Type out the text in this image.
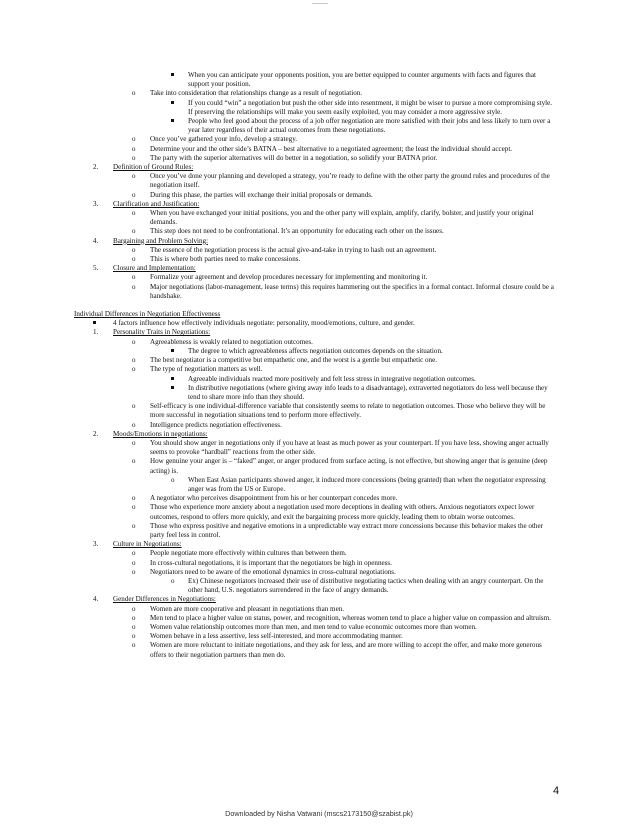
When you can anticipate your opponents position, you are better equipped to counter arguments with facts and figures that support your position.
o Take into consideration that relationships change as a result of negotiation.
If you could “win” a negotiation but push the other side into resentment, it might be wiser to pursue a more compromising style. If preserving the relationships will make you seem easily exploited, you may consider a more aggressive style.
People who feel good about the process of a job offer negotiation are more satisfied with their jobs and less likely to turn over a year later regardless of their actual outcomes from these negotiations.
o Once you’ve gathered your info, develop a strategy.
o Determine your and the other side’s BATNA – best alternative to a negotiated agreement; the least the individual should accept.
o The party with the superior alternatives will do better in a negotiation, so solidify your BATNA prior.
2. Definition of Ground Rules:
o Once you’ve done your planning and developed a strategy, you’re ready to define with the other party the ground rules and procedures of the negotiation itself.
o During this phase, the parties will exchange their initial proposals or demands.
3. Clarification and Justification:
o When you have exchanged your initial positions, you and the other party will explain, amplify, clarify, bolster, and justify your original demands.
o This step does not need to be confrontational. It’s an opportunity for educating each other on the issues.
4. Bargaining and Problem Solving:
o The essence of the negotiation process is the actual give-and-take in trying to hash out an agreement.
o This is where both parties need to make concessions.
5. Closure and Implementation:
o Formalize your agreement and develop procedures necessary for implementing and monitoring it.
o Major negotiations (labor-management, lease terms) this requires hammering out the specifics in a formal contact. Informal closure could be a handshake.
Individual Differences in Negotiation Effectiveness
4 factors influence how effectively individuals negotiate: personality, mood/emotions, culture, and gender.
1. Personality Traits in Negotiations:
o Agreeableness is weakly related to negotiation outcomes.
The degree to which agreeableness affects negotiation outcomes depends on the situation.
o The best negotiator is a competitive but empathetic one, and the worst is a gentle but empathetic one.
o The type of negotiation matters as well.
Agreeable individuals reacted more positively and felt less stress in integrative negotiation outcomes.
In distributive negotiations (where giving away info leads to a disadvantage), extraverted negotiators do less well because they tend to share more info than they should.
o Self-efficacy is one individual-difference variable that consistently seems to relate to negotiation outcomes. Those who believe they will be more successful in negotiation situations tend to perform more effectively.
o Intelligence predicts negotiation effectiveness.
2. Moods/Emotions in negotiations:
o You should show anger in negotiations only if you have at least as much power as your counterpart. If you have less, showing anger actually seems to provoke “hardball” reactions from the other side.
o How genuine your anger is – “faked” anger, or anger produced from surface acting, is not effective, but showing anger that is genuine (deep acting) is.
o When East Asian participants showed anger, it induced more concessions (being granted) than when the negotiator expressing anger was from the US or Europe.
o A negotiator who perceives disappointment from his or her counterpart concedes more.
o Those who experience more anxiety about a negotiation used more deceptions in dealing with others. Anxious negotiators expect lower outcomes, respond to offers more quickly, and exit the bargaining process more quickly, leading them to obtain worse outcomes.
o Those who express positive and negative emotions in a unpredictable way extract more concessions because this behavior makes the other party feel less in control.
3. Culture in Negotiations:
o People negotiate more effectively within cultures than between them.
o In cross-cultural negotiations, it is important that the negotiators be high in openness.
o Negotiators need to be aware of the emotional dynamics in cross-cultural negotiations.
o Ex) Chinese negotiators increased their use of distributive negotiating tactics when dealing with an angry counterpart. On the other hand, U.S. negotiators surrendered in the face of angry demands.
4. Gender Differences in Negotiations:
o Women are more cooperative and pleasant in negotiations than men.
o Men tend to place a higher value on status, power, and recognition, whereas women tend to place a higher value on compassion and altruism.
o Women value relationship outcomes more than men, and men tend to value economic outcomes more than women.
o Women behave in a less assertive, less self-interested, and more accommodating manner.
o Women are more reluctant to initiate negotiations, and they ask for less, and are more willing to accept the offer, and make more generous offers to their negotiation partners than men do.
4
Downloaded by Nisha Vatwani (mscs2173150@szabist.pk)
